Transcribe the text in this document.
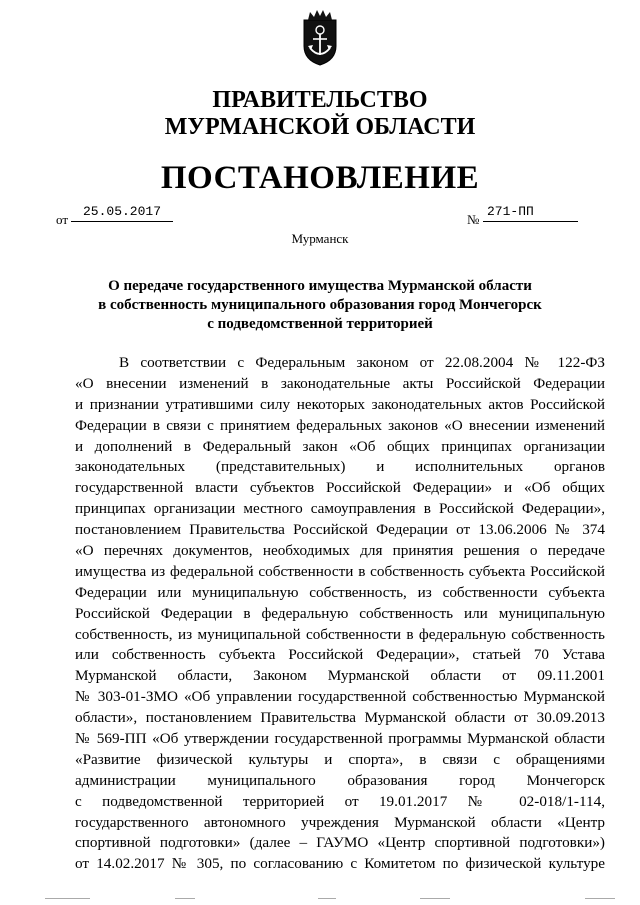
ПРАВИТЕЛЬСТВО
МУРМАНСКОЙ ОБЛАСТИ
ПОСТАНОВЛЕНИЕ
от
25.05.2017
№
271-ПП
Мурманск
О передаче государственного имущества Мурманской области
в собственность муниципального образования город Мончегорск
с подведомственной территорией
В соответствии с Федеральным законом от 22.08.2004 № 122-ФЗ
«О внесении изменений в законодательные акты Российской Федерации
и признании утратившими силу некоторых законодательных актов Российской
Федерации в связи с принятием федеральных законов «О внесении изменений
и дополнений в Федеральный закон «Об общих принципах организации
законодательных (представительных) и исполнительных органов
государственной власти субъектов Российской Федерации» и «Об общих
принципах организации местного самоуправления в Российской Федерации»,
постановлением Правительства Российской Федерации от 13.06.2006 № 374
«О перечнях документов, необходимых для принятия решения о передаче
имущества из федеральной собственности в собственность субъекта Российской
Федерации или муниципальную собственность, из собственности субъекта
Российской Федерации в федеральную собственность или муниципальную
собственность, из муниципальной собственности в федеральную собственность
или собственность субъекта Российской Федерации», статьей 70 Устава
Мурманской области, Законом Мурманской области от 09.11.2001
№ 303-01-ЗМО «Об управлении государственной собственностью Мурманской
области», постановлением Правительства Мурманской области от 30.09.2013
№ 569-ПП «Об утверждении государственной программы Мурманской области
«Развитие физической культуры и спорта», в связи с обращениями
администрации муниципального образования город Мончегорск
с подведомственной территорией от 19.01.2017 № 02-018/1-114,
государственного автономного учреждения Мурманской области «Центр
спортивной подготовки» (далее – ГАУМО «Центр спортивной подготовки»)
от 14.02.2017 № 305, по согласованию с Комитетом по физической культуре
